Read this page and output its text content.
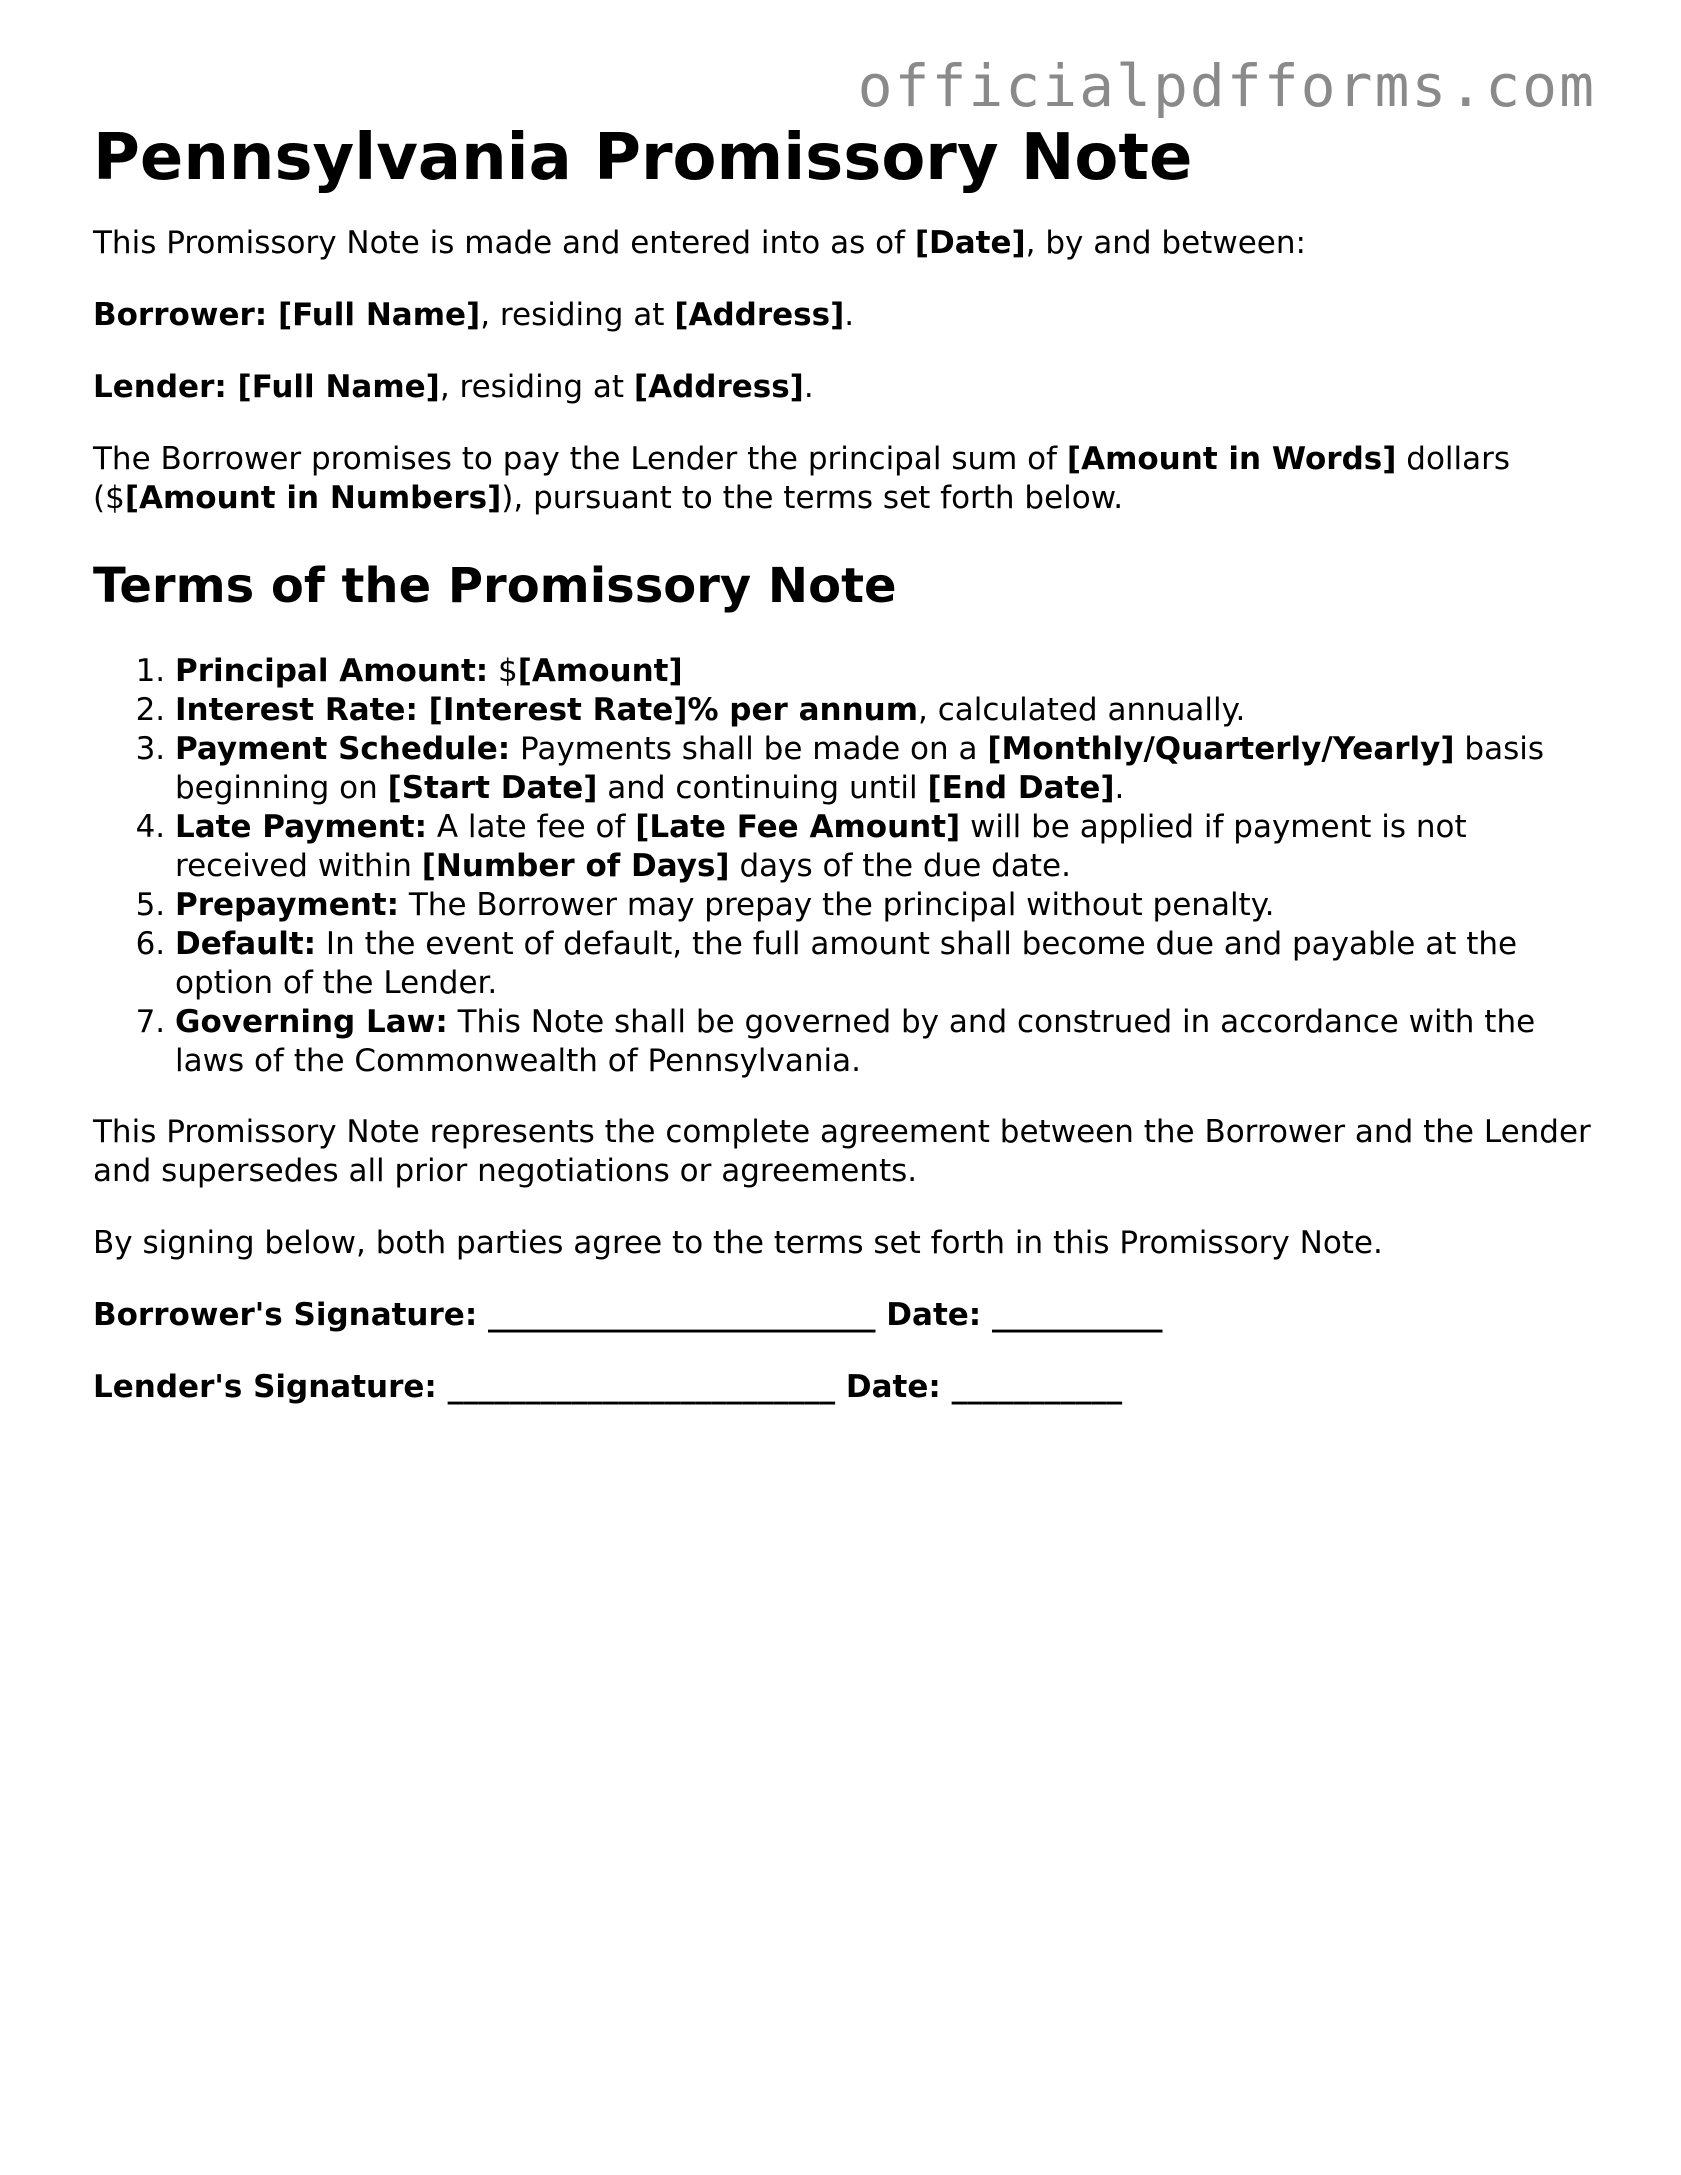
officialpdfforms.com
Pennsylvania Promissory Note

This Promissory Note is made and entered into as of [Date], by and between:

Borrower: [Full Name], residing at [Address].

Lender: [Full Name], residing at [Address].

The Borrower promises to pay the Lender the principal sum of [Amount in Words] dollars ($[Amount in Numbers]), pursuant to the terms set forth below.

Terms of the Promissory Note
1. Principal Amount: $[Amount]
2. Interest Rate: [Interest Rate]% per annum, calculated annually.
3. Payment Schedule: Payments shall be made on a [Monthly/Quarterly/Yearly] basis beginning on [Start Date] and continuing until [End Date].
4. Late Payment: A late fee of [Late Fee Amount] will be applied if payment is not received within [Number of Days] days of the due date.
5. Prepayment: The Borrower may prepay the principal without penalty.
6. Default: In the event of default, the full amount shall become due and payable at the option of the Lender.
7. Governing Law: This Note shall be governed by and construed in accordance with the laws of the Commonwealth of Pennsylvania.

This Promissory Note represents the complete agreement between the Borrower and the Lender and supersedes all prior negotiations or agreements.

By signing below, both parties agree to the terms set forth in this Promissory Note.

Borrower's Signature: _________________________ Date: ___________
Lender's Signature: _________________________ Date: ___________
